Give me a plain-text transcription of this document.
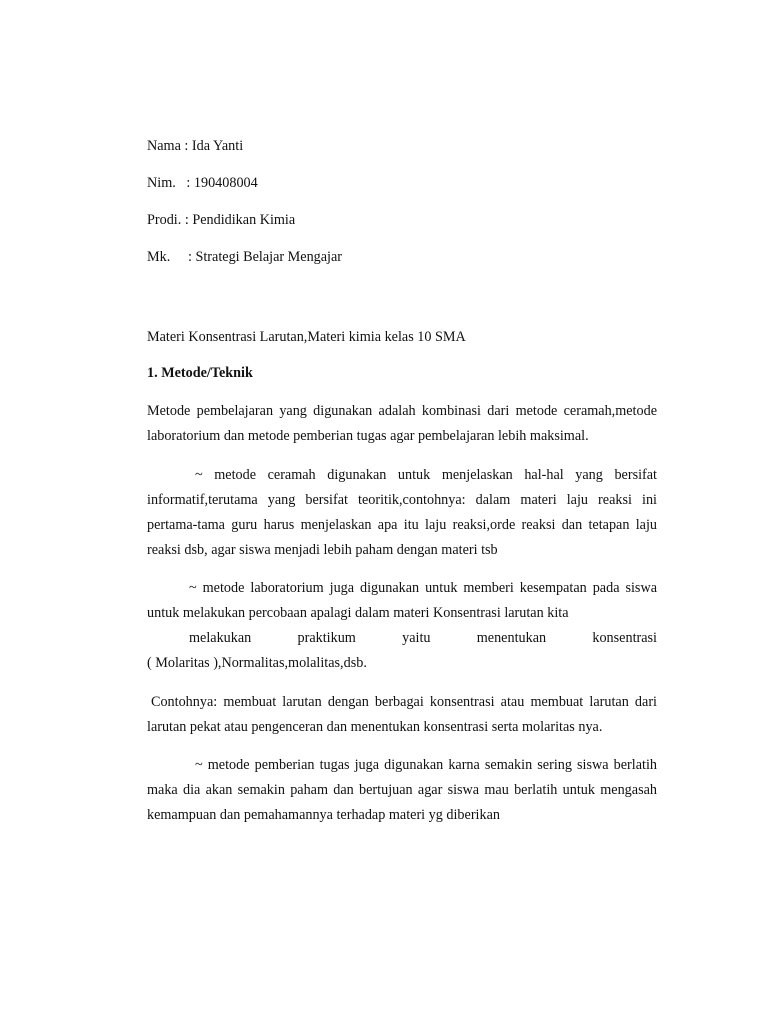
Nama : Ida Yanti

Nim.   : 190408004

Prodi. : Pendidikan Kimia

Mk.     : Strategi Belajar Mengajar

Materi Konsentrasi Larutan,Materi kimia kelas 10 SMA

1. Metode/Teknik

Metode pembelajaran yang digunakan adalah kombinasi dari metode ceramah,metode laboratorium dan metode pemberian tugas agar pembelajaran lebih maksimal.

~ metode ceramah digunakan untuk menjelaskan hal-hal yang bersifat informatif,terutama yang bersifat teoritik,contohnya: dalam materi laju reaksi ini pertama-tama guru harus menjelaskan apa itu laju reaksi,orde reaksi dan tetapan laju reaksi dsb, agar siswa menjadi lebih paham dengan materi tsb

~ metode laboratorium juga digunakan untuk memberi kesempatan pada siswa untuk melakukan percobaan apalagi dalam materi Konsentrasi larutan kita
melakukan praktikum yaitu menentukan konsentrasi
( Molaritas ),Normalitas,molalitas,dsb.

Contohnya: membuat larutan dengan berbagai konsentrasi atau membuat larutan dari larutan pekat atau pengenceran dan menentukan konsentrasi serta molaritas nya.

~ metode pemberian tugas juga digunakan karna semakin sering siswa berlatih maka dia akan semakin paham dan bertujuan agar siswa mau berlatih untuk mengasah kemampuan dan pemahamannya terhadap materi yg diberikan
